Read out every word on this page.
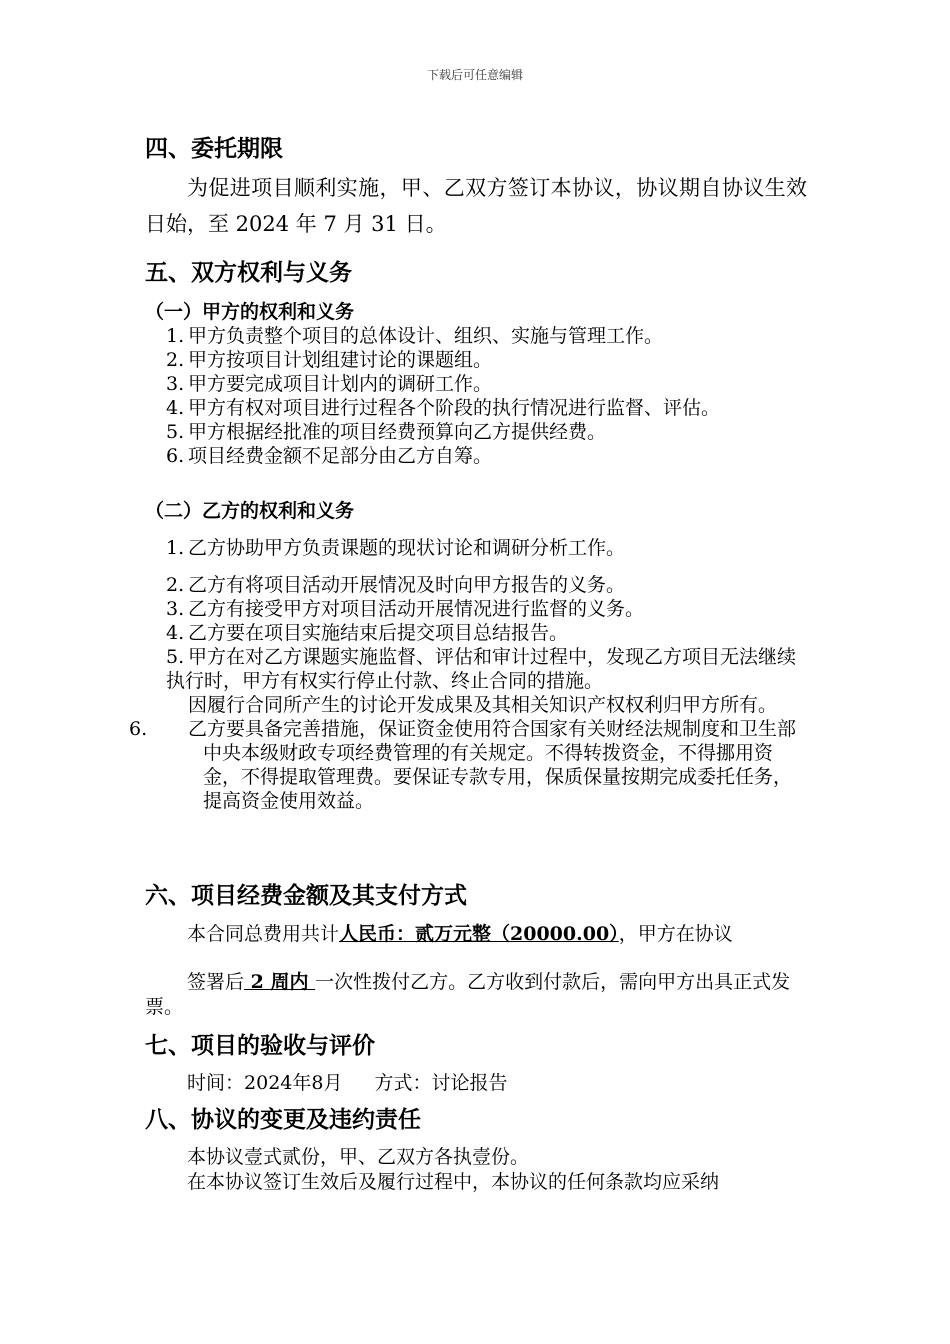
下载后可任意编辑
四、委托期限
为促进项目顺利实施，甲、乙双方签订本协议，协议期自协议生效日始，至 2024 年 7 月 31 日。
五、双方权利与义务
（一）甲方的权利和义务
1. 甲方负责整个项目的总体设计、组织、实施与管理工作。
2. 甲方按项目计划组建讨论的课题组。
3. 甲方要完成项目计划内的调研工作。
4. 甲方有权对项目进行过程各个阶段的执行情况进行监督、评估。
5. 甲方根据经批准的项目经费预算向乙方提供经费。
6. 项目经费金额不足部分由乙方自筹。
（二）乙方的权利和义务
1. 乙方协助甲方负责课题的现状讨论和调研分析工作。
2. 乙方有将项目活动开展情况及时向甲方报告的义务。
3. 乙方有接受甲方对项目活动开展情况进行监督的义务。
4. 乙方要在项目实施结束后提交项目总结报告。
5. 甲方在对乙方课题实施监督、评估和审计过程中，发现乙方项目无法继续执行时，甲方有权实行停止付款、终止合同的措施。
因履行合同所产生的讨论开发成果及其相关知识产权权利归甲方所有。
6. 乙方要具备完善措施，保证资金使用符合国家有关财经法规制度和卫生部中央本级财政专项经费管理的有关规定。不得转拨资金，不得挪用资金，不得提取管理费。要保证专款专用，保质保量按期完成委托任务，提高资金使用效益。
六、项目经费金额及其支付方式
本合同总费用共计人民币：贰万元整（20000.00），甲方在协议
签署后 2 周内 一次性拨付乙方。乙方收到付款后，需向甲方出具正式发票。
七、项目的验收与评价
时间：2024年8月 方式：讨论报告
八、协议的变更及违约责任
本协议壹式贰份，甲、乙双方各执壹份。
在本协议签订生效后及履行过程中，本协议的任何条款均应采纳
